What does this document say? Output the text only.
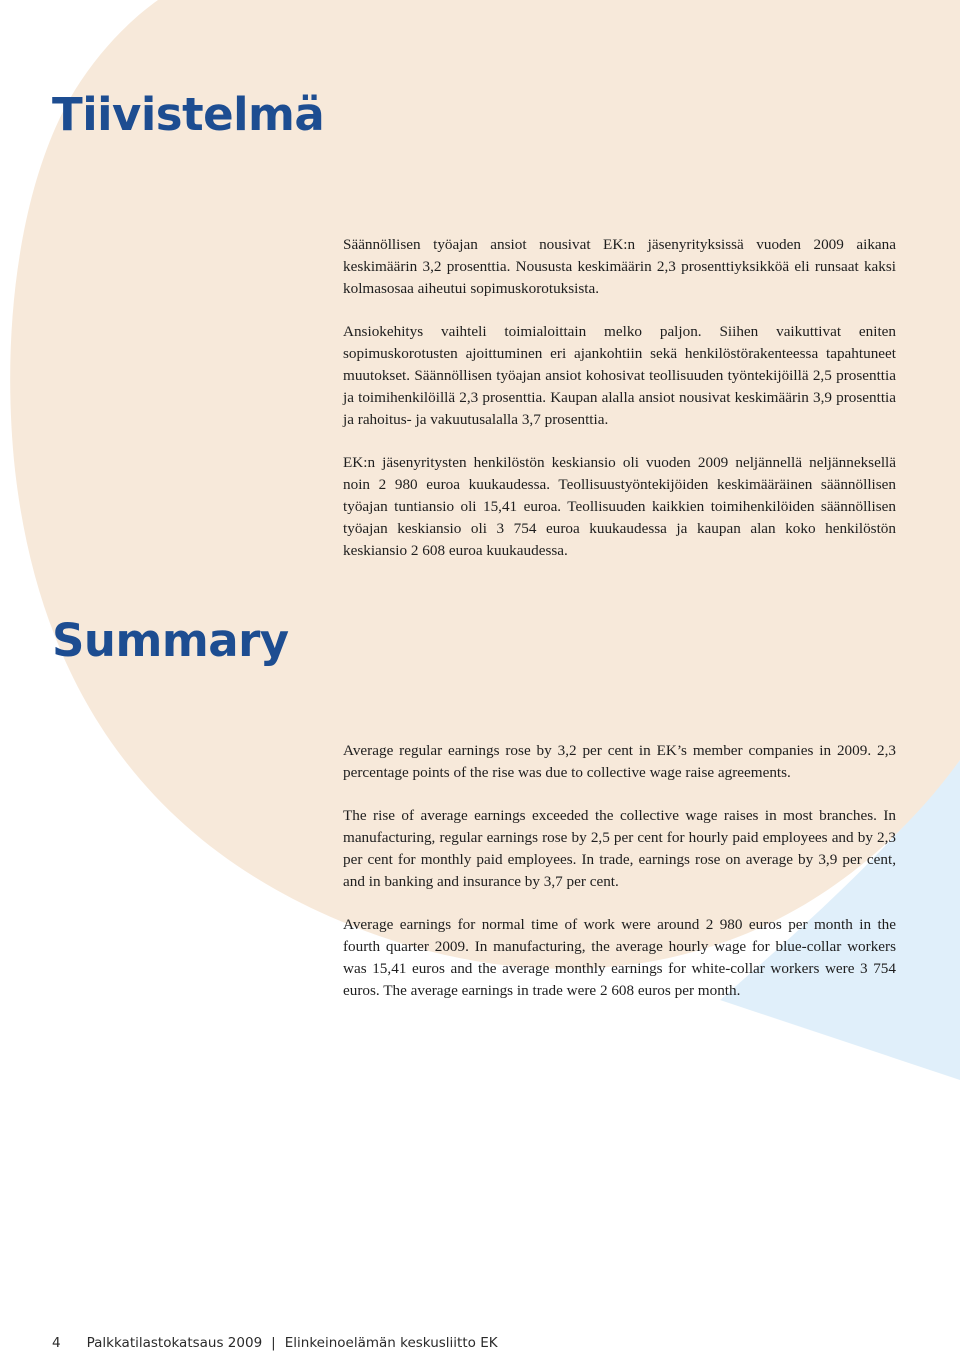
Tiivistelmä

Säännöllisen työajan ansiot nousivat EK:n jäsenyrityksissä vuoden 2009 aikana keskimäärin 3,2 prosenttia. Noususta keskimäärin 2,3 prosenttiyksikköä eli runsaat kaksi kolmasosaa aiheutui sopimuskorotuksista.

Ansiokehitys vaihteli toimialoittain melko paljon. Siihen vaikuttivat eniten sopimuskorotusten ajoittuminen eri ajankohtiin sekä henkilöstörakenteessa tapahtuneet muutokset. Säännöllisen työajan ansiot kohosivat teollisuuden työntekijöillä 2,5 prosenttia ja toimihenkilöillä 2,3 prosenttia. Kaupan alalla ansiot nousivat keskimäärin 3,9 prosenttia ja rahoitus- ja vakuutusalalla 3,7 prosenttia.

EK:n jäsenyritysten henkilöstön keskiansio oli vuoden 2009 neljännellä neljänneksellä noin 2 980 euroa kuukaudessa. Teollisuustyöntekijöiden keskimääräinen säännöllisen työajan tuntiansio oli 15,41 euroa. Teollisuuden kaikkien toimihenkilöiden säännöllisen työajan keskiansio oli 3 754 euroa kuukaudessa ja kaupan alan koko henkilöstön keskiansio 2 608 euroa kuukaudessa.

Summary

Average regular earnings rose by 3,2 per cent in EK’s member companies in 2009. 2,3 percentage points of the rise was due to collective wage raise agreements.

The rise of average earnings exceeded the collective wage raises in most branches. In manufacturing, regular earnings rose by 2,5 per cent for hourly paid employees and by 2,3 per cent for monthly paid employees. In trade, earnings rose on average by 3,9 per cent, and in banking and insurance by 3,7 per cent.

Average earnings for normal time of work were around 2 980 euros per month in the fourth quarter 2009. In manufacturing, the average hourly wage for blue-collar workers was 15,41 euros and the average monthly earnings for white-collar workers were 3 754 euros. The average earnings in trade were 2 608 euros per month.

4 Palkkatilastokatsaus 2009 | Elinkeinoelämän keskusliitto EK
